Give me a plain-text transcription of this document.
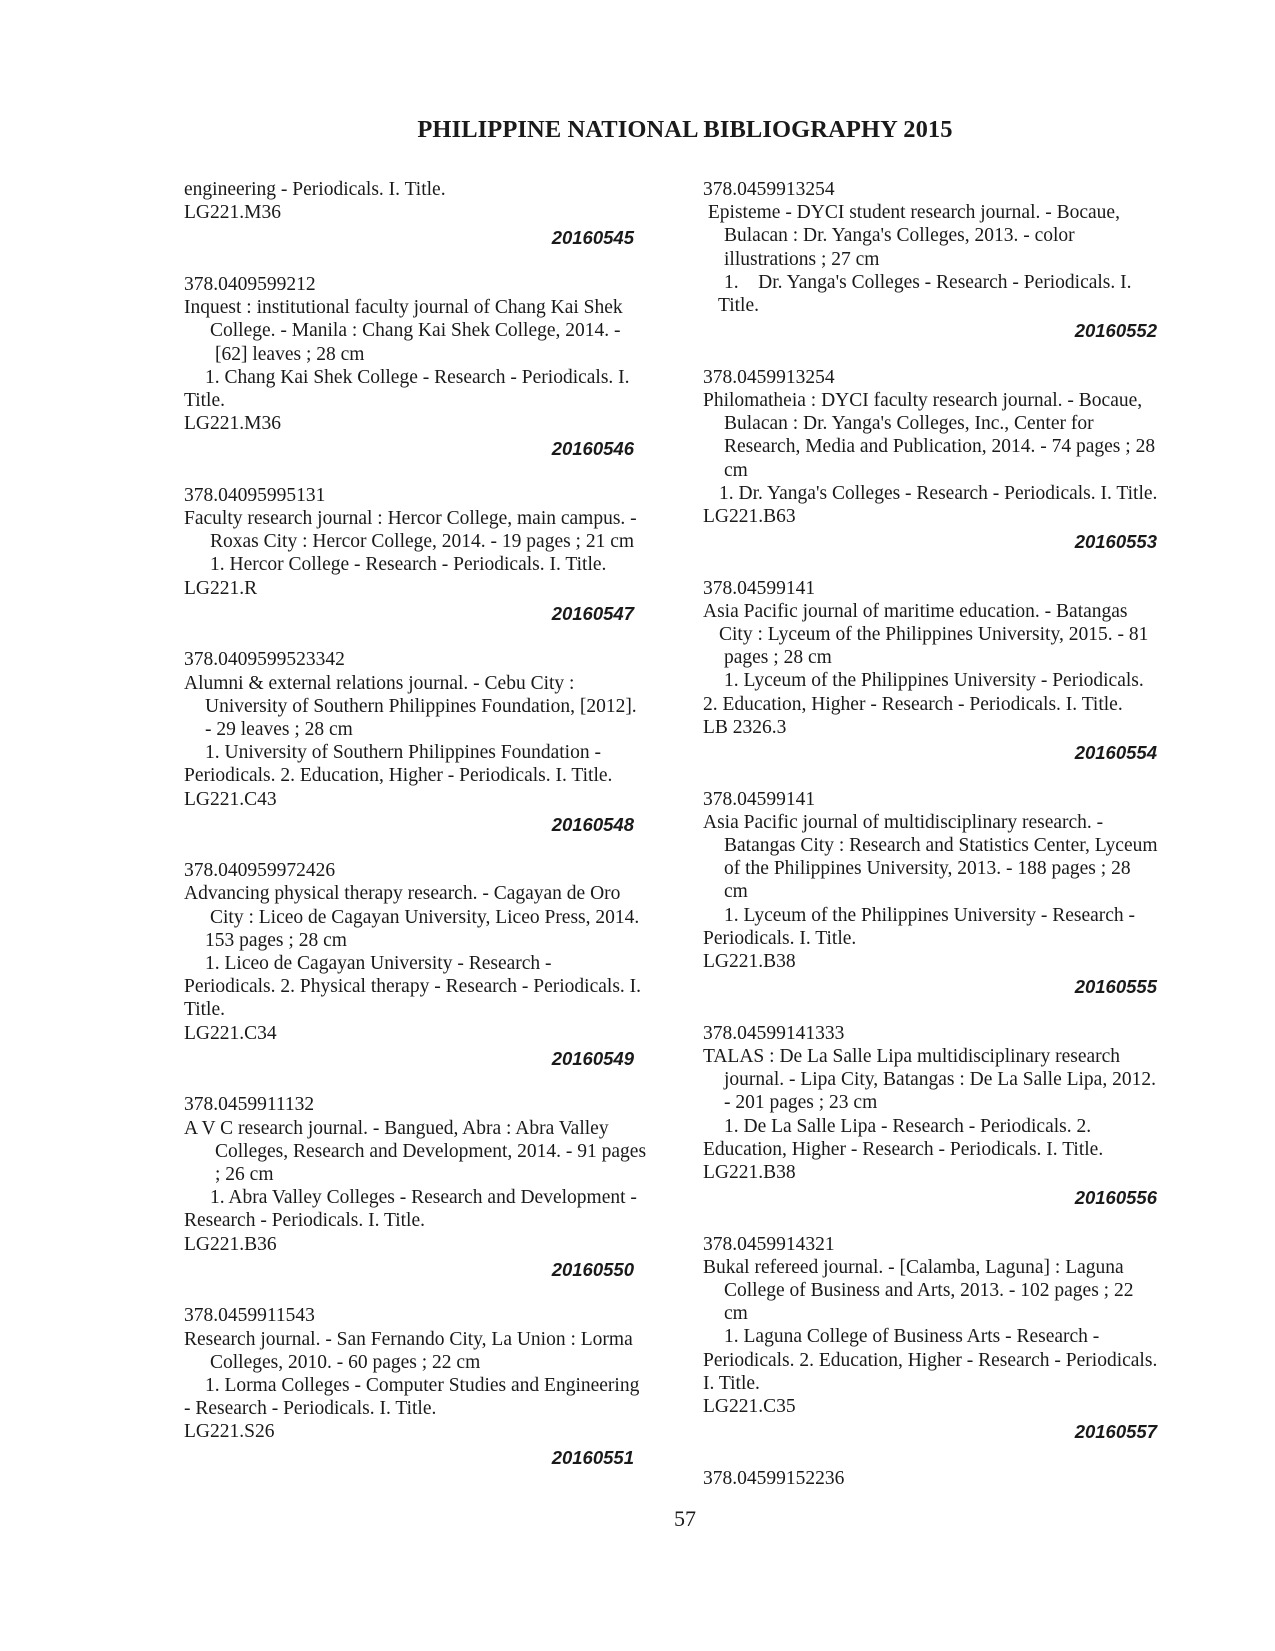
PHILIPPINE NATIONAL BIBLIOGRAPHY 2015
engineering - Periodicals. I. Title.
LG221.M36
20160545
378.0409599212
Inquest : institutional faculty journal of Chang Kai Shek
College. - Manila : Chang Kai Shek College, 2014. -
[62] leaves ; 28 cm
1. Chang Kai Shek College - Research - Periodicals. I.
Title.
LG221.M36
20160546
378.04095995131
Faculty research journal : Hercor College, main campus. -
Roxas City : Hercor College, 2014. - 19 pages ; 21 cm
1. Hercor College - Research - Periodicals. I. Title.
LG221.R
20160547
378.0409599523342
Alumni & external relations journal. - Cebu City :
University of Southern Philippines Foundation, [2012].
- 29 leaves ; 28 cm
1. University of Southern Philippines Foundation -
Periodicals. 2. Education, Higher - Periodicals. I. Title.
LG221.C43
20160548
378.040959972426
Advancing physical therapy research. - Cagayan de Oro
City : Liceo de Cagayan University, Liceo Press, 2014.
153 pages ; 28 cm
1. Liceo de Cagayan University - Research -
Periodicals. 2. Physical therapy - Research - Periodicals. I.
Title.
LG221.C34
20160549
378.0459911132
A V C research journal. - Bangued, Abra : Abra Valley
Colleges, Research and Development, 2014. - 91 pages
; 26 cm
1. Abra Valley Colleges - Research and Development -
Research - Periodicals. I. Title.
LG221.B36
20160550
378.0459911543
Research journal. - San Fernando City, La Union : Lorma
Colleges, 2010. - 60 pages ; 22 cm
1. Lorma Colleges - Computer Studies and Engineering
- Research - Periodicals. I. Title.
LG221.S26
20160551
378.0459913254
Episteme - DYCI student research journal. - Bocaue,
Bulacan : Dr. Yanga's Colleges, 2013. - color
illustrations ; 27 cm
1.    Dr. Yanga's Colleges - Research - Periodicals. I.
Title.
20160552
378.0459913254
Philomatheia : DYCI faculty research journal. - Bocaue,
Bulacan : Dr. Yanga's Colleges, Inc., Center for
Research, Media and Publication, 2014. - 74 pages ; 28
cm
1. Dr. Yanga's Colleges - Research - Periodicals. I. Title.
LG221.B63
20160553
378.04599141
Asia Pacific journal of maritime education. - Batangas
City : Lyceum of the Philippines University, 2015. - 81
pages ; 28 cm
1. Lyceum of the Philippines University - Periodicals.
2. Education, Higher - Research - Periodicals. I. Title.
LB 2326.3
20160554
378.04599141
Asia Pacific journal of multidisciplinary research. -
Batangas City : Research and Statistics Center, Lyceum
of the Philippines University, 2013. - 188 pages ; 28
cm
1. Lyceum of the Philippines University - Research -
Periodicals. I. Title.
LG221.B38
20160555
378.04599141333
TALAS : De La Salle Lipa multidisciplinary research
journal. - Lipa City, Batangas : De La Salle Lipa, 2012.
- 201 pages ; 23 cm
1. De La Salle Lipa - Research - Periodicals. 2.
Education, Higher - Research - Periodicals. I. Title.
LG221.B38
20160556
378.0459914321
Bukal refereed journal. - [Calamba, Laguna] : Laguna
College of Business and Arts, 2013. - 102 pages ; 22
cm
1. Laguna College of Business Arts - Research -
Periodicals. 2. Education, Higher - Research - Periodicals.
I. Title.
LG221.C35
20160557
378.04599152236
57
